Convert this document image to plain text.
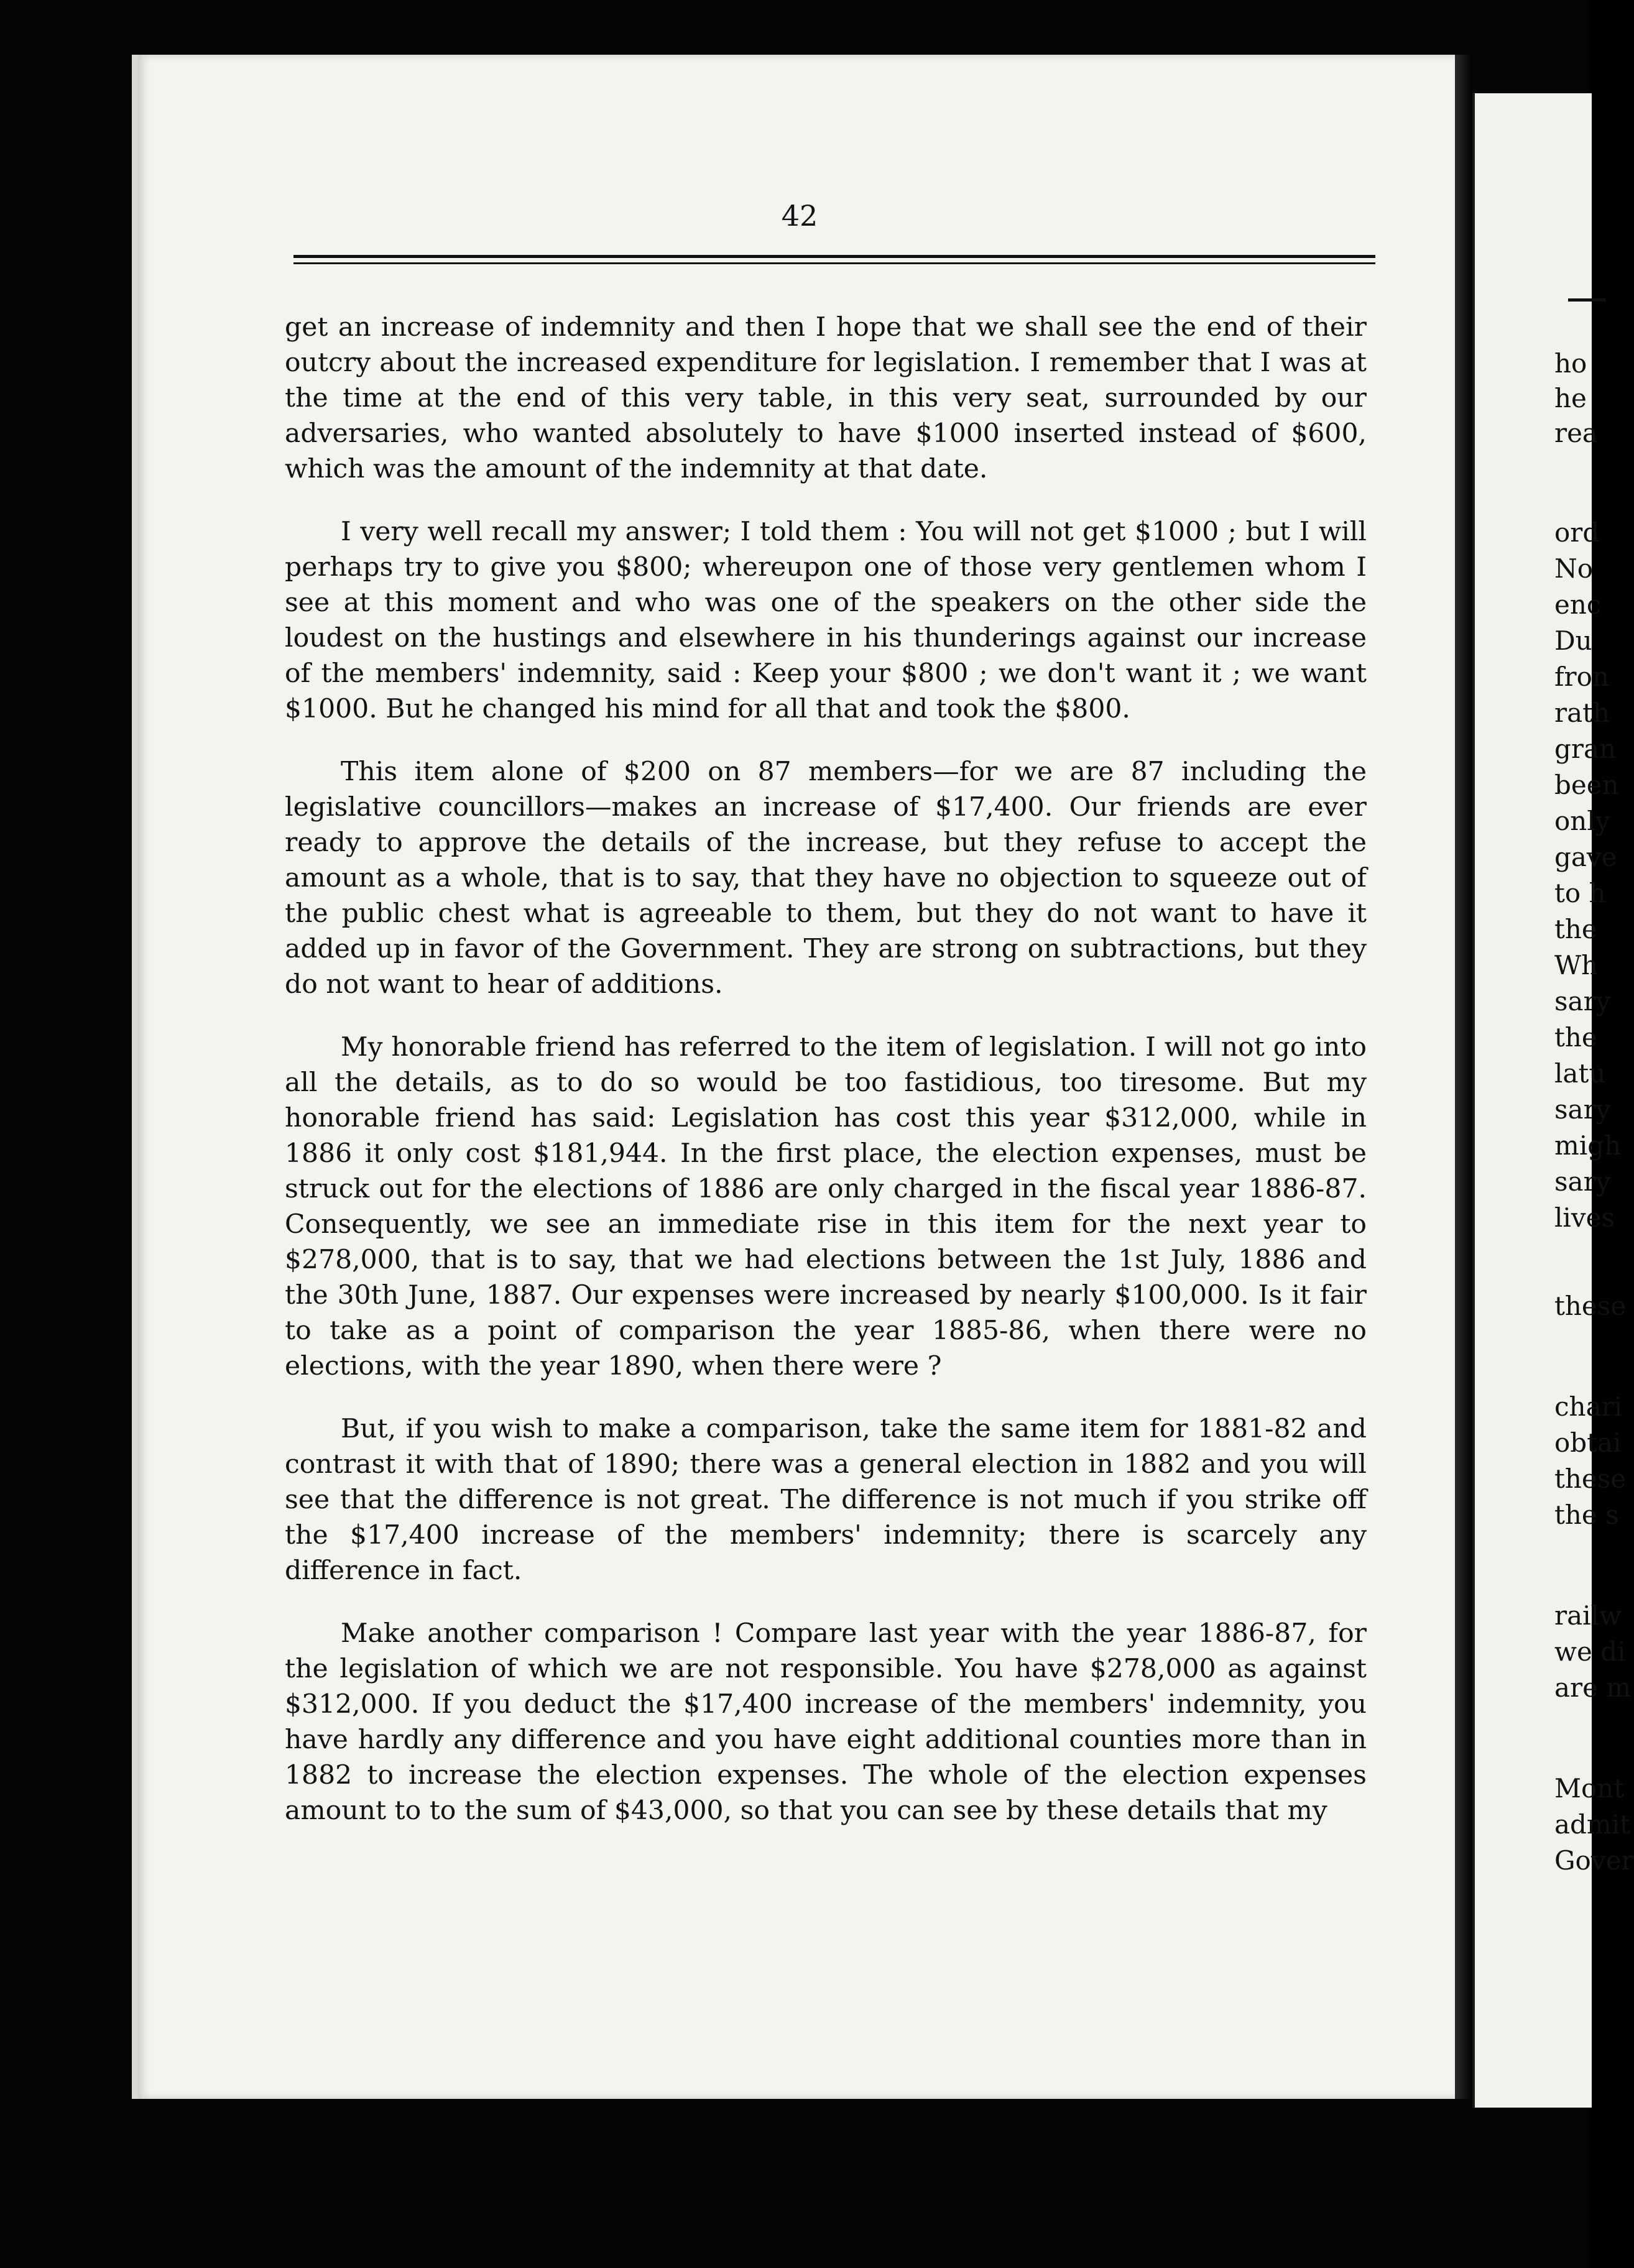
42

get an increase of indemnity and then I hope that we shall see the end of their outcry about the increased expenditure for legislation. I remember that I was at the time at the end of this very table, in this very seat, surrounded by our adversaries, who wanted absolutely to have $1000 inserted instead of $600, which was the amount of the indemnity at that date.

I very well recall my answer; I told them : You will not get $1000 ; but I will perhaps try to give you $800; whereupon one of those very gentlemen whom I see at this moment and who was one of the speakers on the other side the loudest on the hustings and elsewhere in his thunderings against our increase of the members' indemnity, said : Keep your $800 ; we don't want it ; we want $1000. But he changed his mind for all that and took the $800.

This item alone of $200 on 87 members—for we are 87 including the legislative councillors—makes an increase of $17,400. Our friends are ever ready to approve the details of the increase, but they refuse to accept the amount as a whole, that is to say, that they have no objection to squeeze out of the public chest what is agreeable to them, but they do not want to have it added up in favor of the Government. They are strong on subtractions, but they do not want to hear of additions.

My honorable friend has referred to the item of legislation. I will not go into all the details, as to do so would be too fastidious, too tiresome. But my honorable friend has said: Legislation has cost this year $312,000, while in 1886 it only cost $181,944. In the first place, the election expenses, must be struck out for the elections of 1886 are only charged in the fiscal year 1886-87. Consequently, we see an immediate rise in this item for the next year to $278,000, that is to say, that we had elections between the 1st July, 1886 and the 30th June, 1887. Our expenses were increased by nearly $100,000. Is it fair to take as a point of comparison the year 1885-86, when there were no elections, with the year 1890, when there were ?

But, if you wish to make a comparison, take the same item for 1881-82 and contrast it with that of 1890; there was a general election in 1882 and you will see that the difference is not great. The difference is not much if you strike off the $17,400 increase of the members' indemnity; there is scarcely any difference in fact.

Make another comparison ! Compare last year with the year 1886-87, for the legislation of which we are not responsible. You have $278,000 as against $312,000. If you deduct the $17,400 increase of the members' indemnity, you have hardly any difference and you have eight additional counties more than in 1882 to increase the election expenses. The whole of the election expenses amount to to the sum of $43,000, so that you can see by these details that my

ho
he
rea
ord
No
enc
Du
fron
rath
gran
been
only
gave
to h
the
Wh
sary
the
latu
sary
migh
sary
lives
these
chari
obtai
these
the s
railw
we di
are m
Mont
admit
Gover
